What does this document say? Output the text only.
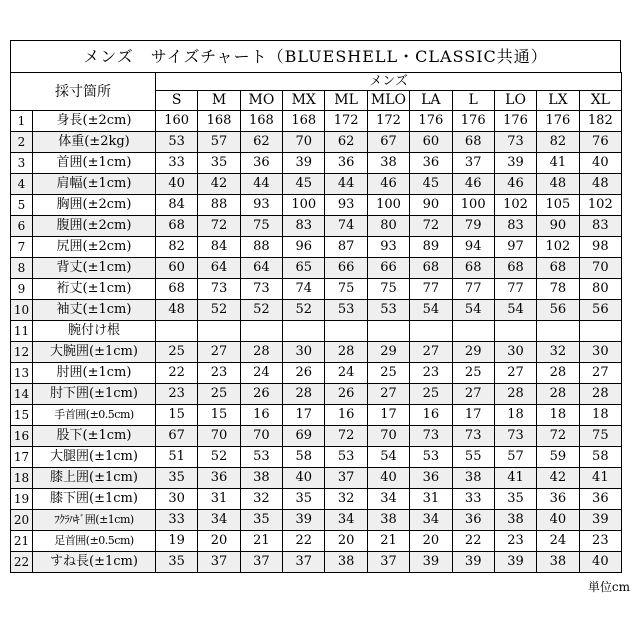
メンズ　サイズチャート（BLUESHELL・CLASSIC共通）
採寸箇所		メンズ										
		S	M	MO	MX	ML	MLO	LA	L	LO	LX	XL
1	身長(±2cm)	160	168	168	168	172	172	176	176	176	176	182
2	体重(±2kg)	53	57	62	70	62	67	60	68	73	82	76
3	首囲(±1cm)	33	35	36	39	36	38	36	37	39	41	40
4	肩幅(±1cm)	40	42	44	45	44	46	45	46	46	48	48
5	胸囲(±2cm)	84	88	93	100	93	100	90	100	102	105	102
6	腹囲(±2cm)	68	72	75	83	74	80	72	79	83	90	83
7	尻囲(±2cm)	82	84	88	96	87	93	89	94	97	102	98
8	背丈(±1cm)	60	64	64	65	66	66	68	68	68	68	70
9	裄丈(±1cm)	68	73	73	74	75	75	77	77	77	78	80
10	袖丈(±1cm)	48	52	52	52	53	53	54	54	54	56	56
11	腕付け根											
12	大腕囲(±1cm)	25	27	28	30	28	29	27	29	30	32	30
13	肘囲(±1cm)	22	23	24	26	24	25	23	25	27	28	27
14	肘下囲(±1cm)	23	25	26	28	26	27	25	27	28	28	28
15	手首囲(±0.5cm)	15	15	16	17	16	17	16	17	18	18	18
16	股下(±1cm)	67	70	70	69	72	70	73	73	73	72	75
17	大腿囲(±1cm)	51	52	53	58	53	54	53	55	57	59	58
18	膝上囲(±1cm)	35	36	38	40	37	40	36	38	41	42	41
19	膝下囲(±1cm)	30	31	32	35	32	34	31	33	35	36	36
20	ﾌｸﾗﾊｷﾞ囲(±1cm)	33	34	35	39	34	38	34	36	38	40	39
21	足首囲(±0.5cm)	19	20	21	22	20	21	20	22	23	24	23
22	すね長(±1cm)	35	37	37	37	38	37	39	39	39	38	40
単位cm
